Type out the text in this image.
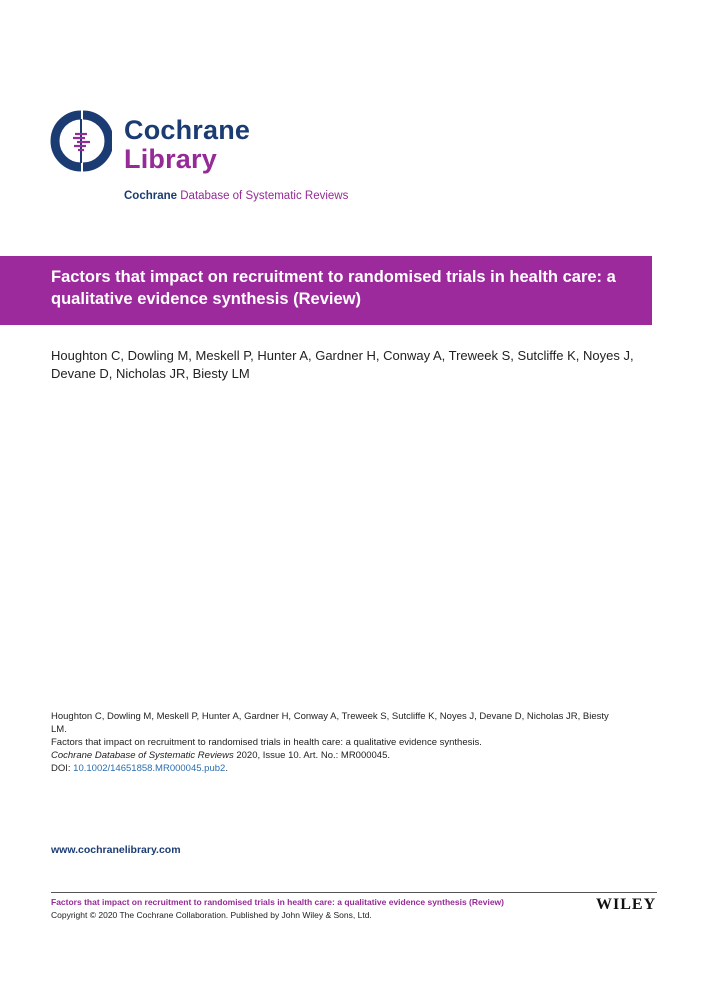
Cochrane
Library
Cochrane Database of Systematic Reviews
Factors that impact on recruitment to randomised trials in health care: a qualitative evidence synthesis (Review)
Houghton C, Dowling M, Meskell P, Hunter A, Gardner H, Conway A, Treweek S, Sutcliffe K, Noyes J, Devane D, Nicholas JR, Biesty LM

Houghton C, Dowling M, Meskell P, Hunter A, Gardner H, Conway A, Treweek S, Sutcliffe K, Noyes J, Devane D, Nicholas JR, Biesty LM.

Factors that impact on recruitment to randomised trials in health care: a qualitative evidence synthesis.

Cochrane Database of Systematic Reviews 2020, Issue 10. Art. No.: MR000045.

DOI: 10.1002/14651858.MR000045.pub2.

www.cochranelibrary.com
Factors that impact on recruitment to randomised trials in health care: a qualitative evidence synthesis (Review)
Copyright © 2020 The Cochrane Collaboration. Published by John Wiley & Sons, Ltd.
WILEY
